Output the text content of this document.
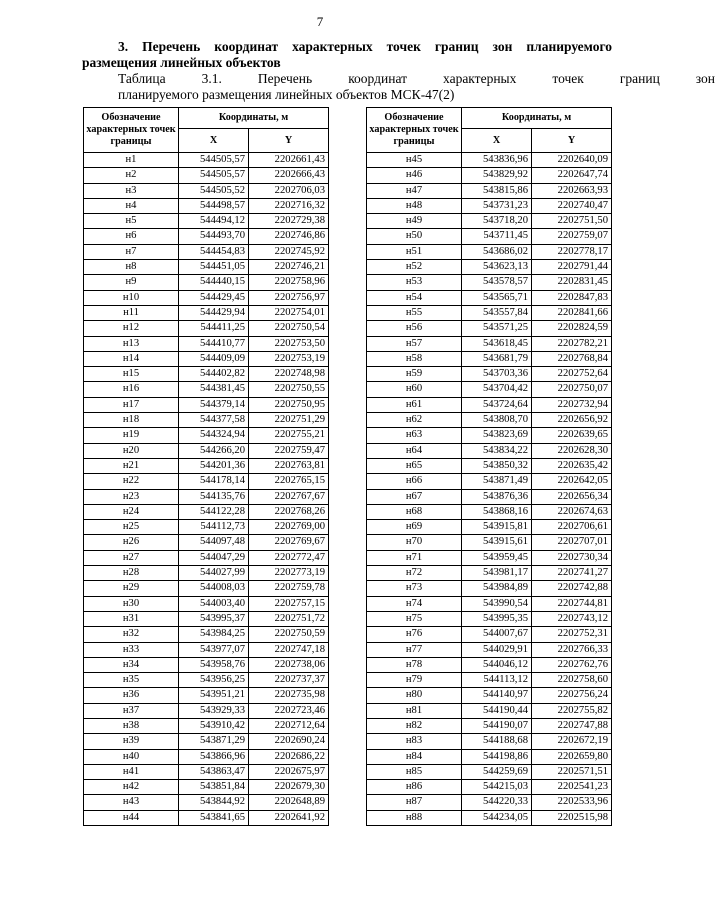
7
3. Перечень координат характерных точек границ зон планируемого размещения линейных объектов
Таблица	3.1.	Перечень	координат	характерных	точек	границ	зон
планируемого размещения линейных объектов МСК-47(2)
Обозначение характерных точек границы	Координаты, м	
	X	Y
н1	544505,57	2202661,43
н2	544505,57	2202666,43
н3	544505,52	2202706,03
н4	544498,57	2202716,32
н5	544494,12	2202729,38
н6	544493,70	2202746,86
н7	544454,83	2202745,92
н8	544451,05	2202746,21
н9	544440,15	2202758,96
н10	544429,45	2202756,97
н11	544429,94	2202754,01
н12	544411,25	2202750,54
н13	544410,77	2202753,50
н14	544409,09	2202753,19
н15	544402,82	2202748,98
н16	544381,45	2202750,55
н17	544379,14	2202750,95
н18	544377,58	2202751,29
н19	544324,94	2202755,21
н20	544266,20	2202759,47
н21	544201,36	2202763,81
н22	544178,14	2202765,15
н23	544135,76	2202767,67
н24	544122,28	2202768,26
н25	544112,73	2202769,00
н26	544097,48	2202769,67
н27	544047,29	2202772,47
н28	544027,99	2202773,19
н29	544008,03	2202759,78
н30	544003,40	2202757,15
н31	543995,37	2202751,72
н32	543984,25	2202750,59
н33	543977,07	2202747,18
н34	543958,76	2202738,06
н35	543956,25	2202737,37
н36	543951,21	2202735,98
н37	543929,33	2202723,46
н38	543910,42	2202712,64
н39	543871,29	2202690,24
н40	543866,96	2202686,22
н41	543863,47	2202675,97
н42	543851,84	2202679,30
н43	543844,92	2202648,89
н44	543841,65	2202641,92
Обозначение характерных точек границы	Координаты, м	
	X	Y
н45	543836,96	2202640,09
н46	543829,92	2202647,74
н47	543815,86	2202663,93
н48	543731,23	2202740,47
н49	543718,20	2202751,50
н50	543711,45	2202759,07
н51	543686,02	2202778,17
н52	543623,13	2202791,44
н53	543578,57	2202831,45
н54	543565,71	2202847,83
н55	543557,84	2202841,66
н56	543571,25	2202824,59
н57	543618,45	2202782,21
н58	543681,79	2202768,84
н59	543703,36	2202752,64
н60	543704,42	2202750,07
н61	543724,64	2202732,94
н62	543808,70	2202656,92
н63	543823,69	2202639,65
н64	543834,22	2202628,30
н65	543850,32	2202635,42
н66	543871,49	2202642,05
н67	543876,36	2202656,34
н68	543868,16	2202674,63
н69	543915,81	2202706,61
н70	543915,61	2202707,01
н71	543959,45	2202730,34
н72	543981,17	2202741,27
н73	543984,89	2202742,88
н74	543990,54	2202744,81
н75	543995,35	2202743,12
н76	544007,67	2202752,31
н77	544029,91	2202766,33
н78	544046,12	2202762,76
н79	544113,12	2202758,60
н80	544140,97	2202756,24
н81	544190,44	2202755,82
н82	544190,07	2202747,88
н83	544188,68	2202672,19
н84	544198,86	2202659,80
н85	544259,69	2202571,51
н86	544215,03	2202541,23
н87	544220,33	2202533,96
н88	544234,05	2202515,98
